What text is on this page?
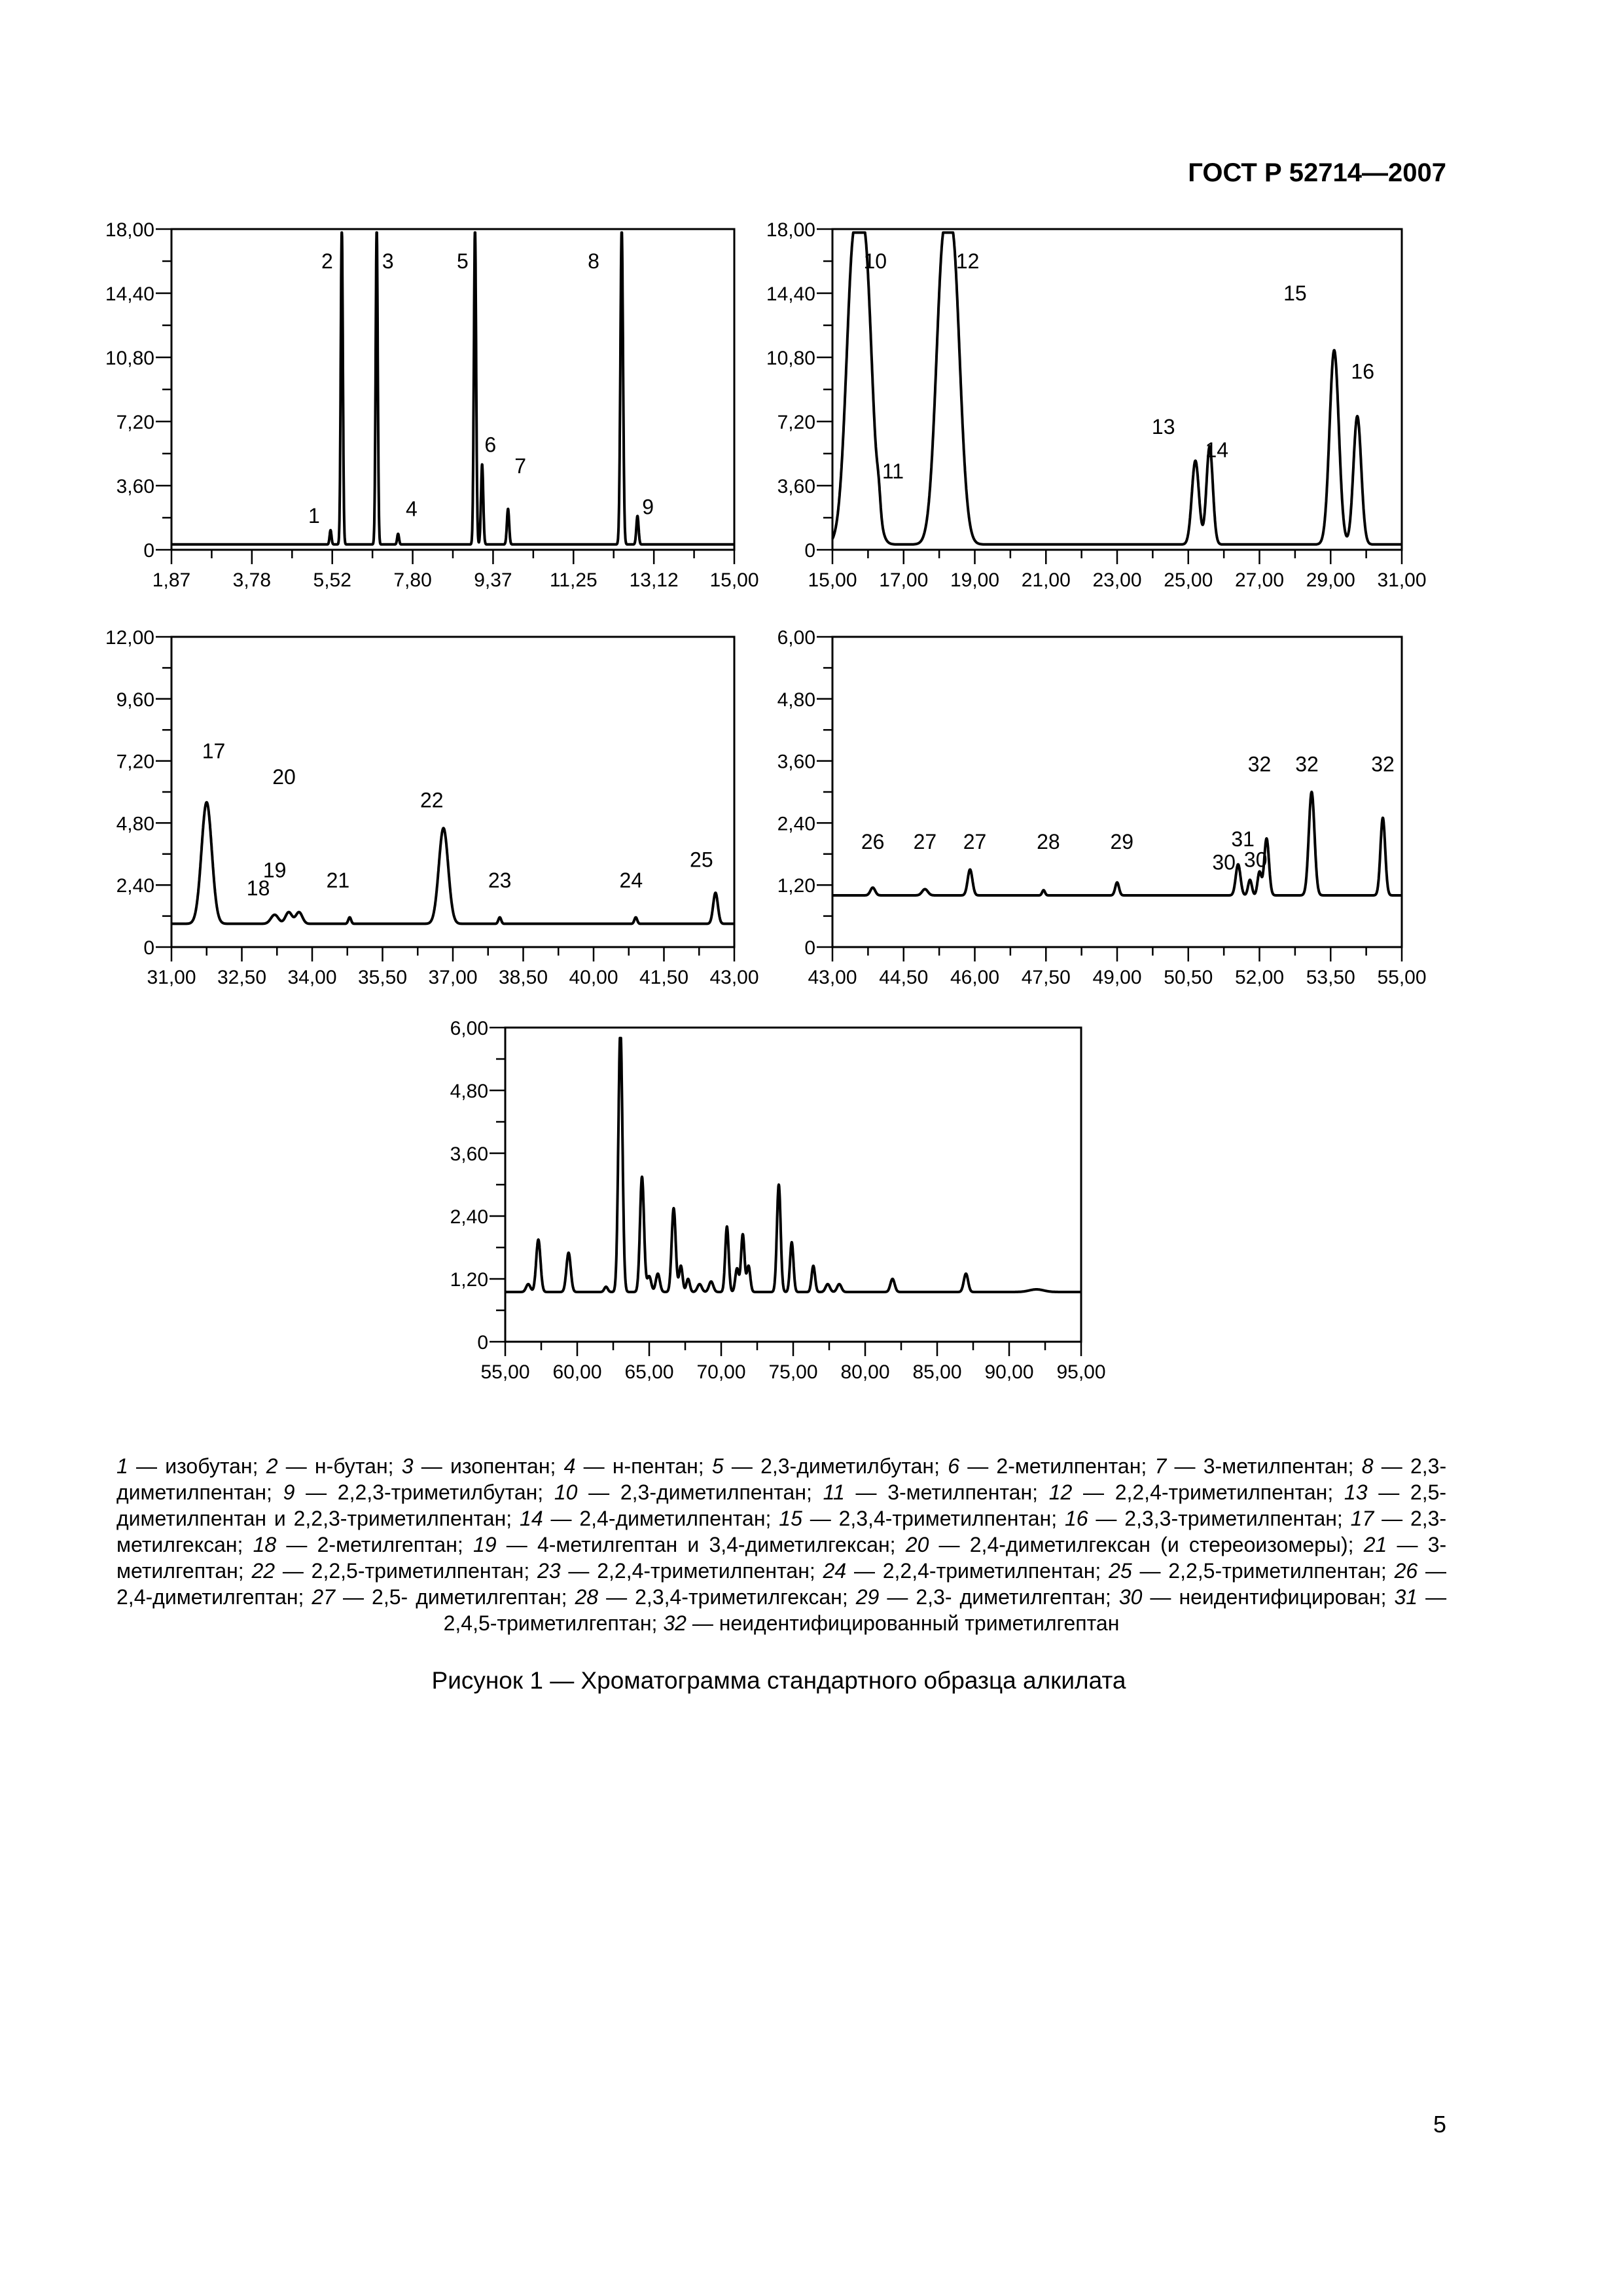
ГОСТ Р 52714—2007
0
3,60
7,20
10,80
14,40
18,00
1,87 3,78 5,52 7,80 9,37 11,25 13,12 15,00
1
2 3
4
5
6
7
8
9
0
3,60
7,20
10,80
14,40
18,00
15,00 17,00 19,00 21,00 23,00 25,00 27,00 29,00 31,00
10
11
12
13
14
15
16
0
2,40
4,80
7,20
9,60
12,00
31,00 32,50 34,00 35,50 37,00 38,50 40,00 41,50 43,00
17
18
19
20
21
22
23	24
25
0
1,20
2,40
3,60
4,80
6,00
43,00 44,50 46,00 47,50 49,00 50,50 52,00 53,50 55,00
26 27 27 28 29
30
31
30
32 32	32
0
1,20
2,40
3,60
4,80
6,00
55,00 60,00 65,00 70,00 75,00 80,00 85,00 90,00 95,00

1 — изобутан; 2 — н-бутан; 3 — изопентан; 4 — н-пентан; 5 — 2,3-диметилбутан; 6 — 2-метилпентан; 7 — 3-метилпентан; 8 — 2,3-диметилпентан; 9 — 2,2,3-триметилбутан; 10 — 2,3-диметилпентан; 11 — 3-метилпентан; 12 — 2,2,4-триметилпентан; 13 — 2,5-диметилпентан и 2,2,3-триметилпентан; 14 — 2,4-диметилпентан; 15 — 2,3,4-триметилпентан; 16 — 2,3,3-триметилпентан; 17 — 2,3-метилгексан; 18 — 2-метилгептан; 19 — 4-метилгептан и 3,4-диметилгексан; 20 — 2,4-диметилгексан (и стереоизомеры); 21 — 3-метилгептан; 22 — 2,2,5-триметилпентан; 23 — 2,2,4-триметилпентан; 24 — 2,2,4-триметилпентан; 25 — 2,2,5-триметилпентан; 26 — 2,4-диметилгептан; 27 — 2,5- диметилгептан; 28 — 2,3,4-триметилгексан; 29 — 2,3- диметилгептан; 30 — неидентифицирован; 31 — 2,4,5-триметилгептан; 32 — неидентифицированный триметилгептан

Рисунок 1 — Хроматограмма стандартного образца алкилата
5
